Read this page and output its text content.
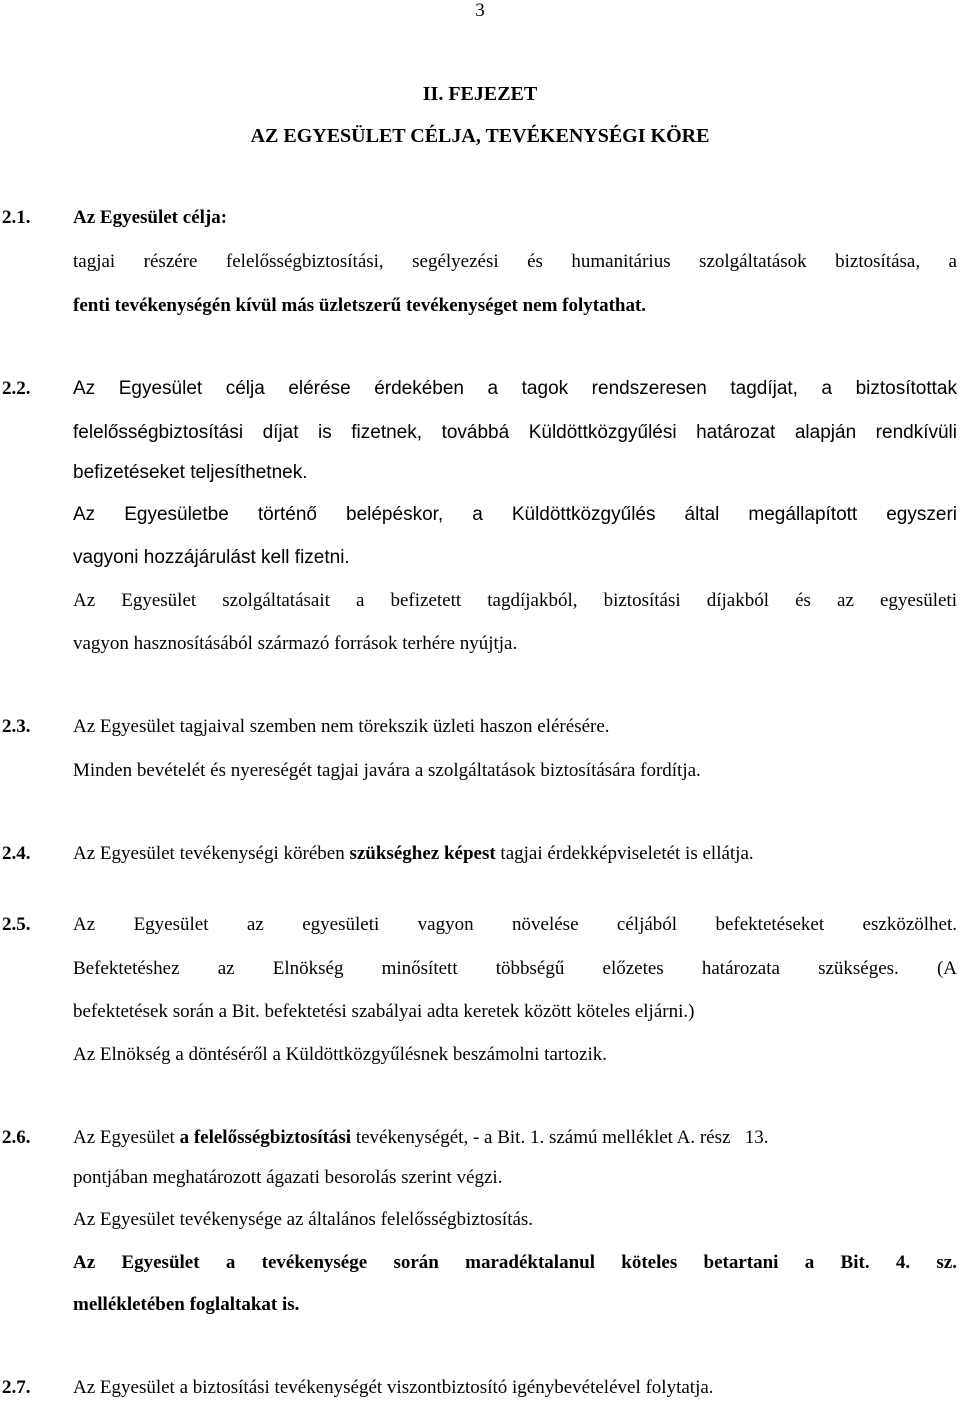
3
II. FEJEZET
AZ EGYESÜLET CÉLJA, TEVÉKENYSÉGI KÖRE
2.1. Az Egyesület célja:
tagjai részére felelősségbiztosítási, segélyezési és humanitárius szolgáltatások biztosítása, a
fenti tevékenységén kívül más üzletszerű tevékenységet nem folytathat.
2.2. Az Egyesület célja elérése érdekében a tagok rendszeresen tagdíjat, a biztosítottak
felelősségbiztosítási díjat is fizetnek, továbbá Küldöttközgyűlési határozat alapján rendkívüli
befizetéseket teljesíthetnek.
Az Egyesületbe történő belépéskor, a Küldöttközgyűlés által megállapított egyszeri
vagyoni hozzájárulást kell fizetni.
Az Egyesület szolgáltatásait a befizetett tagdíjakból, biztosítási díjakból és az egyesületi
vagyon hasznosításából származó források terhére nyújtja.
2.3. Az Egyesület tagjaival szemben nem törekszik üzleti haszon elérésére.
Minden bevételét és nyereségét tagjai javára a szolgáltatások biztosítására fordítja.
2.4. Az Egyesület tevékenységi körében szükséghez képest tagjai érdekképviseletét is ellátja.
2.5. Az Egyesület az egyesületi vagyon növelése céljából befektetéseket eszközölhet.
Befektetéshez az Elnökség minősített többségű előzetes határozata szükséges. (A
befektetések során a Bit. befektetési szabályai adta keretek között köteles eljárni.)
Az Elnökség a döntéséről a Küldöttközgyűlésnek beszámolni tartozik.
2.6. Az Egyesület a felelősségbiztosítási tevékenységét, - a Bit. 1. számú melléklet A. rész   13.
pontjában meghatározott ágazati besorolás szerint végzi.
Az Egyesület tevékenysége az általános felelősségbiztosítás.
Az Egyesület a tevékenysége során maradéktalanul köteles betartani a Bit. 4. sz.
mellékletében foglaltakat is.
2.7. Az Egyesület a biztosítási tevékenységét viszontbiztosító igénybevételével folytatja.
